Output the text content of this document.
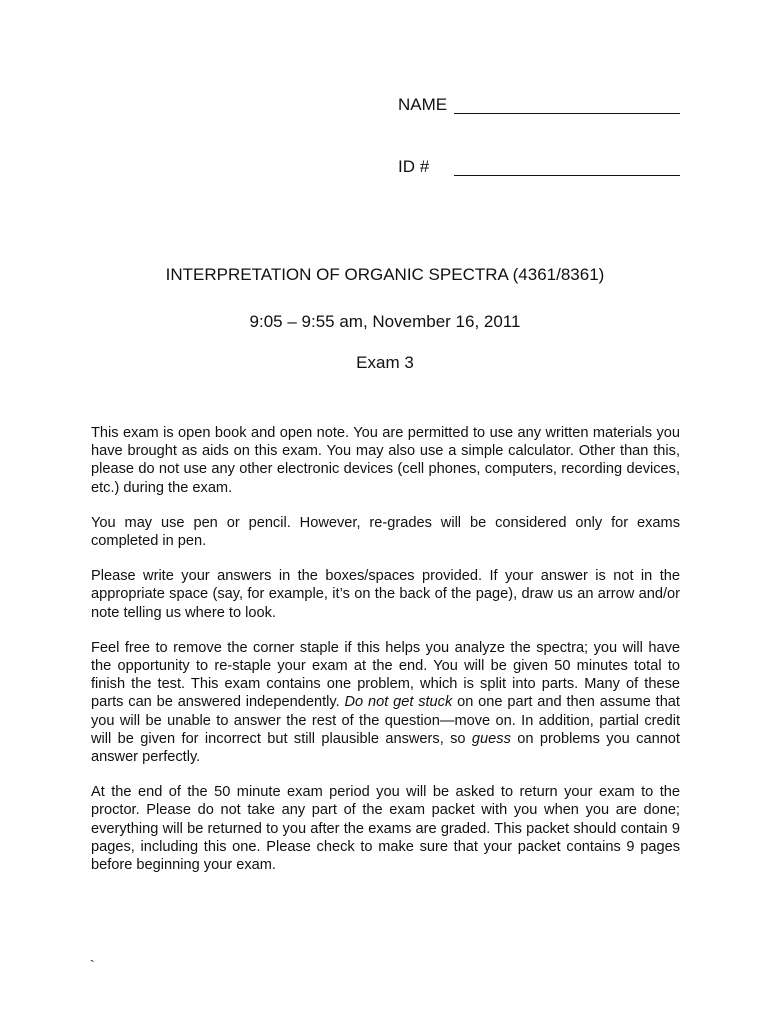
NAME
ID #
INTERPRETATION OF ORGANIC SPECTRA (4361/8361)
9:05 – 9:55 am, November 16, 2011
Exam 3

This exam is open book and open note. You are permitted to use any written materials you have brought as aids on this exam. You may also use a simple calculator. Other than this, please do not use any other electronic devices (cell phones, computers, recording devices, etc.) during the exam.

You may use pen or pencil. However, re-grades will be considered only for exams completed in pen.

Please write your answers in the boxes/spaces provided. If your answer is not in the appropriate space (say, for example, it’s on the back of the page), draw us an arrow and/or note telling us where to look.

Feel free to remove the corner staple if this helps you analyze the spectra; you will have the opportunity to re-staple your exam at the end. You will be given 50 minutes total to finish the test. This exam contains one problem, which is split into parts. Many of these parts can be answered independently. Do not get stuck on one part and then assume that you will be unable to answer the rest of the question—move on. In addition, partial credit will be given for incorrect but still plausible answers, so guess on problems you cannot answer perfectly.

At the end of the 50 minute exam period you will be asked to return your exam to the proctor. Please do not take any part of the exam packet with you when you are done; everything will be returned to you after the exams are graded. This packet should contain 9 pages, including this one. Please check to make sure that your packet contains 9 pages before beginning your exam.

`
